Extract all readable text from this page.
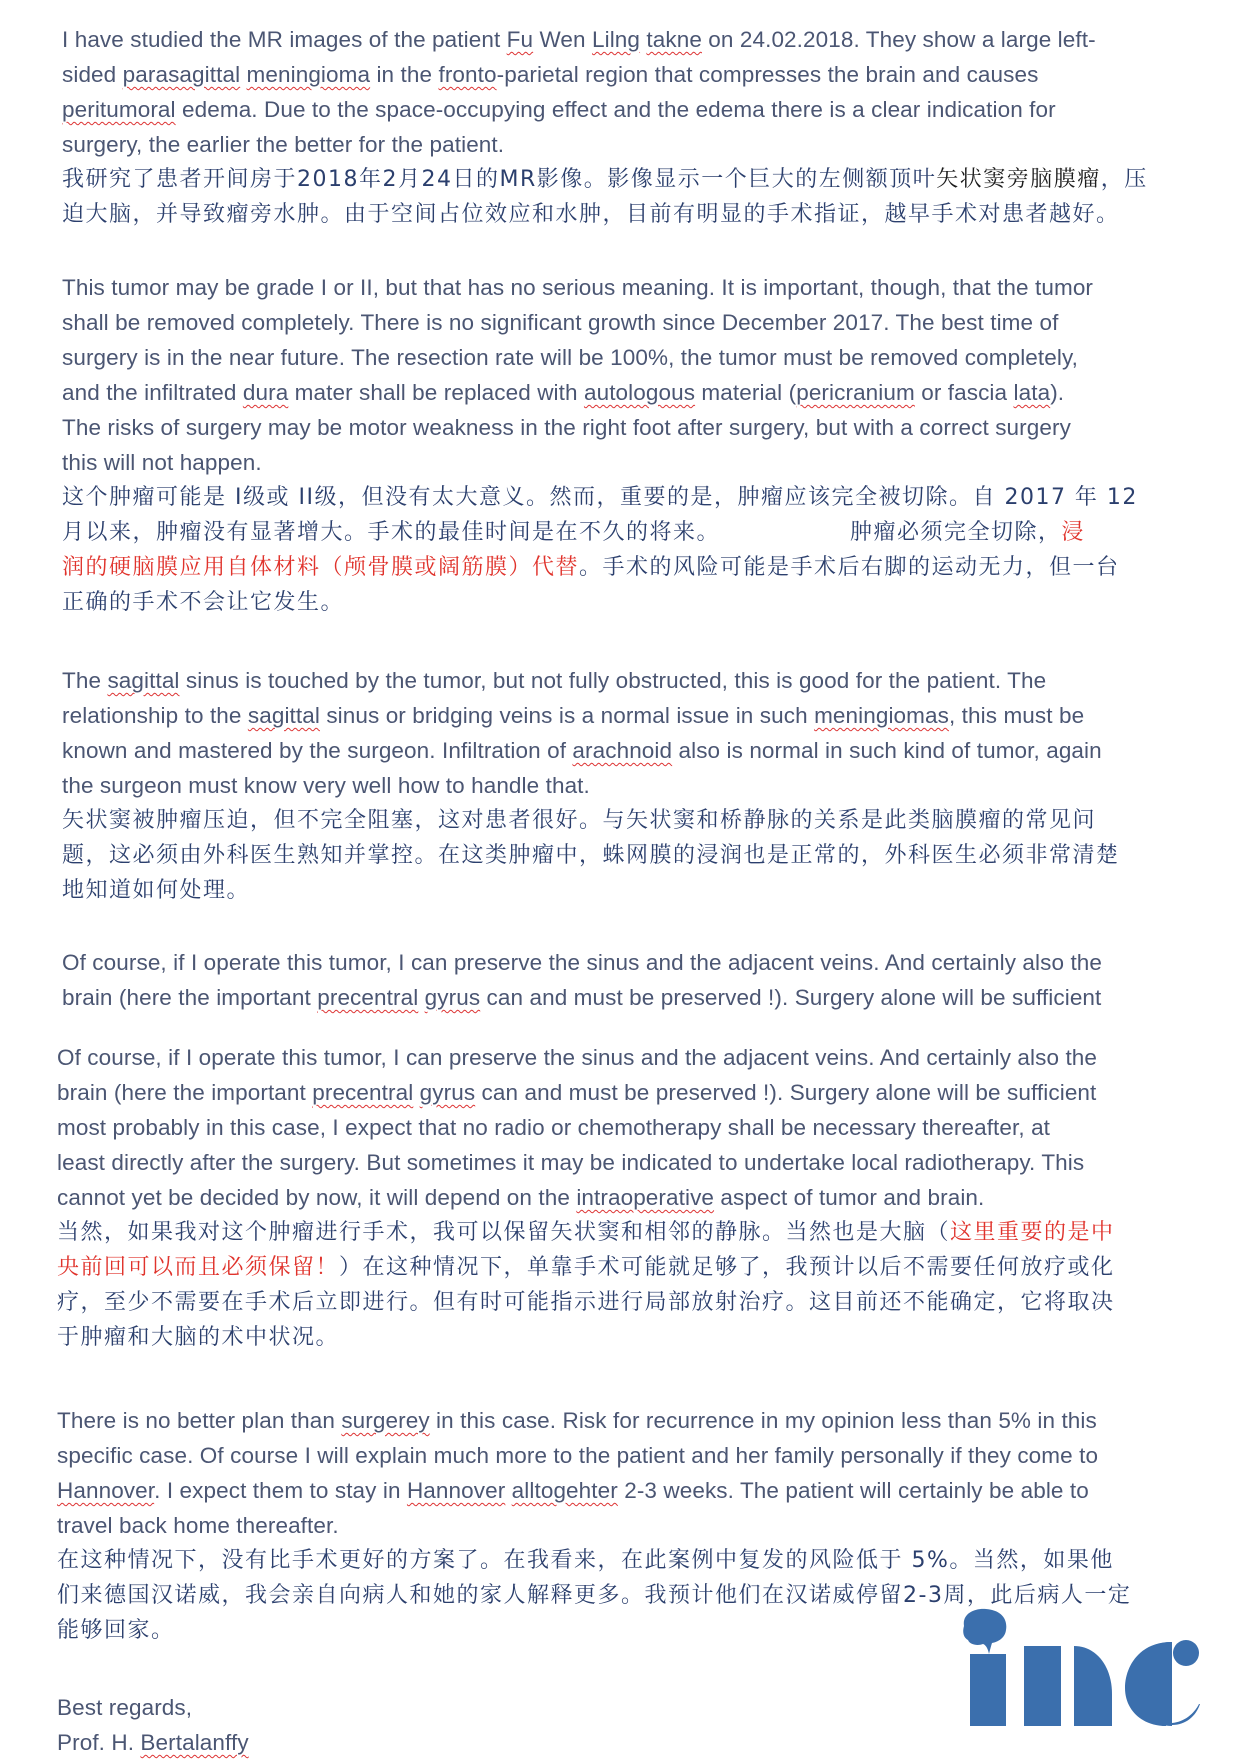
I have studied the MR images of the patient Fu Wen Lilng takne on 24.02.2018. They show a large left-
sided parasagittal meningioma in the fronto-parietal region that compresses the brain and causes
peritumoral edema. Due to the space-occupying effect and the edema there is a clear indication for
surgery, the earlier the better for the patient.
我研究了患者开间房于2018年2月24日的MR影像。影像显示一个巨大的左侧额顶叶矢状窦旁脑膜瘤，压
迫大脑，并导致瘤旁水肿。由于空间占位效应和水肿，目前有明显的手术指证，越早手术对患者越好。
This tumor may be grade I or II, but that has no serious meaning. It is important, though, that the tumor
shall be removed completely. There is no significant growth since December 2017. The best time of
surgery is in the near future. The resection rate will be 100%, the tumor must be removed completely,
and the infiltrated dura mater shall be replaced with autologous material (pericranium or fascia lata).
The risks of surgery may be motor weakness in the right foot after surgery, but with a correct surgery
this will not happen.
这个肿瘤可能是 I级或 II级，但没有太大意义。然而，重要的是，肿瘤应该完全被切除。自 2017 年 12
月以来，肿瘤没有显著增大。手术的最佳时间是在不久的将来。　　　　　　肿瘤必须完全切除，浸
润的硬脑膜应用自体材料（颅骨膜或阔筋膜）代替。手术的风险可能是手术后右脚的运动无力，但一台
正确的手术不会让它发生。
The sagittal sinus is touched by the tumor, but not fully obstructed, this is good for the patient. The
relationship to the sagittal sinus or bridging veins is a normal issue in such meningiomas, this must be
known and mastered by the surgeon. Infiltration of arachnoid also is normal in such kind of tumor, again
the surgeon must know very well how to handle that.
矢状窦被肿瘤压迫，但不完全阻塞，这对患者很好。与矢状窦和桥静脉的关系是此类脑膜瘤的常见问
题，这必须由外科医生熟知并掌控。在这类肿瘤中，蛛网膜的浸润也是正常的，外科医生必须非常清楚
地知道如何处理。
Of course, if I operate this tumor, I can preserve the sinus and the adjacent veins. And certainly also the
brain (here the important precentral gyrus can and must be preserved !). Surgery alone will be sufficient
Of course, if I operate this tumor, I can preserve the sinus and the adjacent veins. And certainly also the
brain (here the important precentral gyrus can and must be preserved !). Surgery alone will be sufficient
most probably in this case, I expect that no radio or chemotherapy shall be necessary thereafter, at
least directly after the surgery. But sometimes it may be indicated to undertake local radiotherapy. This
cannot yet be decided by now, it will depend on the intraoperative aspect of tumor and brain.
当然，如果我对这个肿瘤进行手术，我可以保留矢状窦和相邻的静脉。当然也是大脑（这里重要的是中
央前回可以而且必须保留！）在这种情况下，单靠手术可能就足够了，我预计以后不需要任何放疗或化
疗，至少不需要在手术后立即进行。但有时可能指示进行局部放射治疗。这目前还不能确定，它将取决
于肿瘤和大脑的术中状况。
There is no better plan than surgerey in this case. Risk for recurrence in my opinion less than 5% in this
specific case. Of course I will explain much more to the patient and her family personally if they come to
Hannover. I expect them to stay in Hannover alltogehter 2-3 weeks. The patient will certainly be able to
travel back home thereafter.
在这种情况下，没有比手术更好的方案了。在我看来，在此案例中复发的风险低于 5%。当然，如果他
们来德国汉诺威，我会亲自向病人和她的家人解释更多。我预计他们在汉诺威停留2-3周，此后病人一定
能够回家。
Best regards,
Prof. H. Bertalanffy
